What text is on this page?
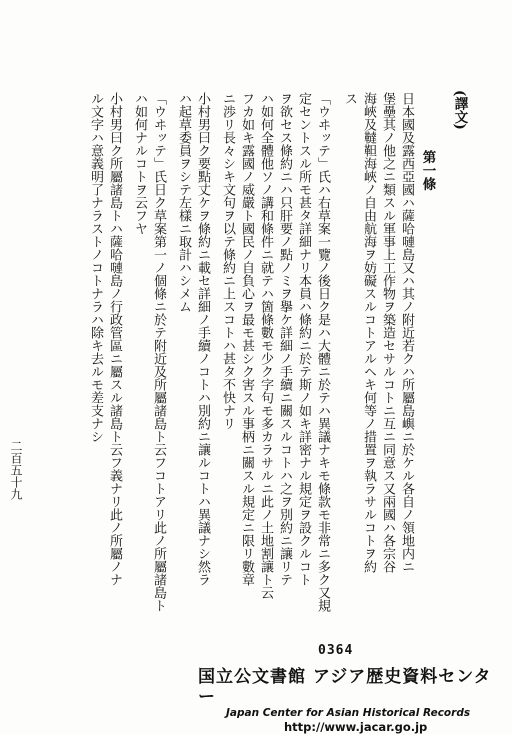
(譯文)
第一條
日本國及露西亞國ハ薩哈嗹島又ハ其ノ附近若クハ所屬島嶼ニ於ケル各自ノ領地内ニ
堡壘其ノ他之ニ類スル軍事上工作物ヲ築造セサルコトニ互ニ同意ス又兩國ハ各宗谷
海峽及韃靼海峽ノ自由航海ヲ妨礙スルコトアルヘキ何等ノ措置ヲ執ラサルコトヲ約
ス
「ウヰッテ」氏ハ右草案一覽ノ後日ク是ハ大體ニ於テハ異議ナキモ條款モ非常ニ多ク又規
定セントスル所モ甚タ詳細ナリ本員ハ條約ニ於テ斯ノ如キ詳密ナル規定ヲ設クルコト
ヲ欲セス條約ニハ只肝要ノ點ノミヲ擧ケ詳細ノ手續ニ關スルコトハ之ヲ別約ニ讓リテ
ハ如何全體他ソノ講和條件ニ就テハ箇條數モ少ク字句モ多カラサルニ此ノ土地割讓ト云
フカ如キ露國ノ威嚴ト國民ノ自負心ヲ最モ甚シク害スル事柄ニ關スル規定ニ限リ數章
ニ渉リ長々シキ文句ヲ以テ條約ニ上スコトハ甚タ不快ナリ
小村男曰ク要點丈ケヲ條約ニ載セ詳細ノ手續ノコトハ別約ニ讓ルコトハ異議ナシ然ラ
ハ起草委員ヲシテ左樣ニ取計ハシメム
「ウヰッテ」氏日ク草案第一ノ個條ニ於テ附近及所屬諸島ト云フコトアリ此ノ所屬諸島ト
ハ如何ナルコトヲ云フヤ
小村男曰ク所屬諸島トハ薩哈嗹島ノ行政管區ニ屬スル諸島ト云フ義ナリ此ノ所屬ノナ
ル文字ハ意義明了ナラストノコトナラハ除キ去ルモ差支ナシ
二百五十九
0364
国立公文書館 アジア歴史資料センター
Japan Center for Asian Historical Records
http://www.jacar.go.jp
